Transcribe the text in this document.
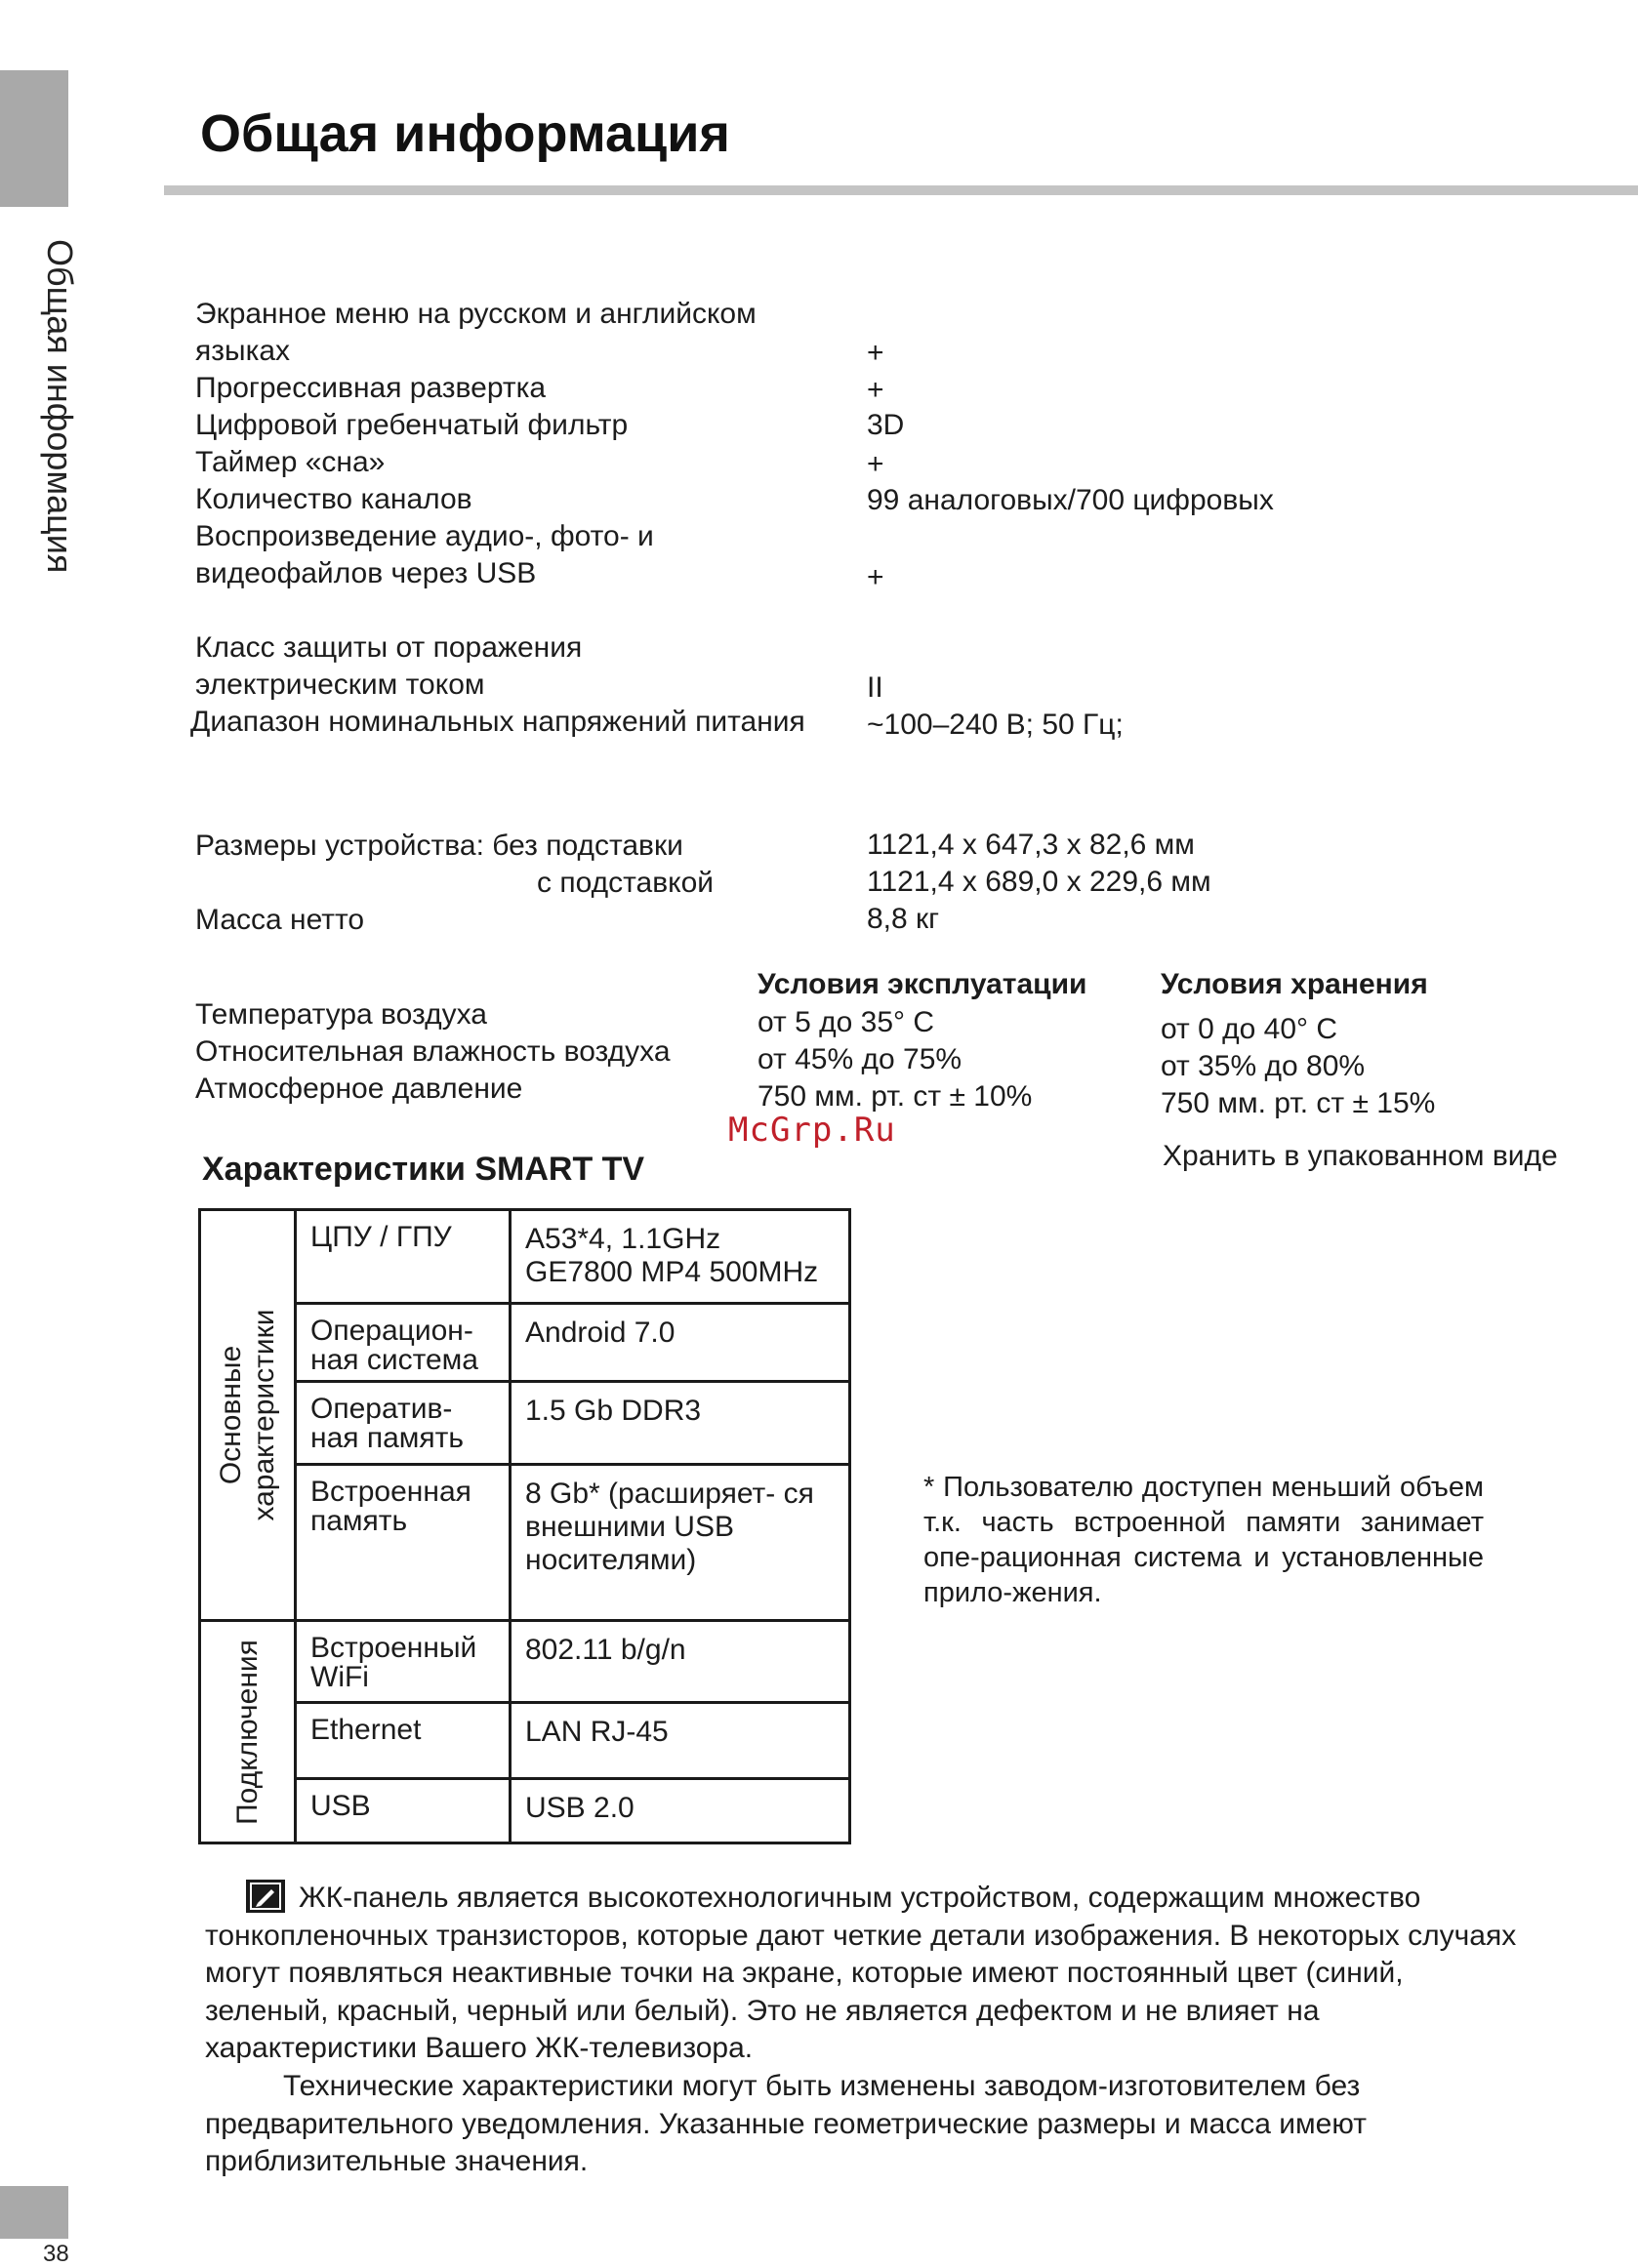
Общая информация
38
Общая информация
Экранное меню на русском и английском
языках	+
Прогрессивная развертка	+
Цифровой гребенчатый фильтр	3D
Таймер «сна»	+
Количество каналов	99 аналоговых/700 цифровых
Воспроизведение аудио-, фото- и
видеофайлов через USB	+
Класс защиты от поражения
электрическим током	II
Диапазон номинальных напряжений питания ~100–240 В; 50 Гц;
Размеры устройства: без подставки	1121,4 х 647,3 х 82,6 мм
с подставкой	1121,4 х 689,0 х 229,6 мм
Масса нетто	8,8 кг
Условия эксплуатации	Условия хранения
Температура воздуха	от 5 до 35° С	от 0 до 40° С
Относительная влажность воздуха	от 45% до 75%	от 35% до 80%
Атмосферное давление	750 мм. рт. ст ± 10%	750 мм. рт. ст ± 15%
Хранить в упакованном виде
McGrp.Ru
Характеристики SMART TV
Основные характеристики	ЦПУ / ГПУ	A53*4, 1.1GHz GE7800 MP4 500MHz
	Операцион- ная система	Android 7.0
	Оператив- ная память	1.5 Gb DDR3
	Встроенная память	8 Gb* (расширяет- ся внешними USB носителями)

Подключения	Встроенный WiFi	802.11 b/g/n
	Ethernet	LAN RJ-45
	USB	USB 2.0
* Пользователю доступен меньший объем т.к. часть встроенной памяти занимает опе-рационная система и установленные прило-жения.
ЖК-панель является высокотехнологичным устройством, содержащим множество тонкопленочных транзисторов, которые дают четкие детали изображения. В некоторых случаях могут появляться неактивные точки на экране, которые имеют постоянный цвет (синий, зеленый, красный, черный или белый). Это не является дефектом и не влияет на характеристики Вашего ЖК-телевизора.
Технические характеристики могут быть изменены заводом-изготовителем без предварительного уведомления. Указанные геометрические размеры и масса имеют приблизительные значения.
